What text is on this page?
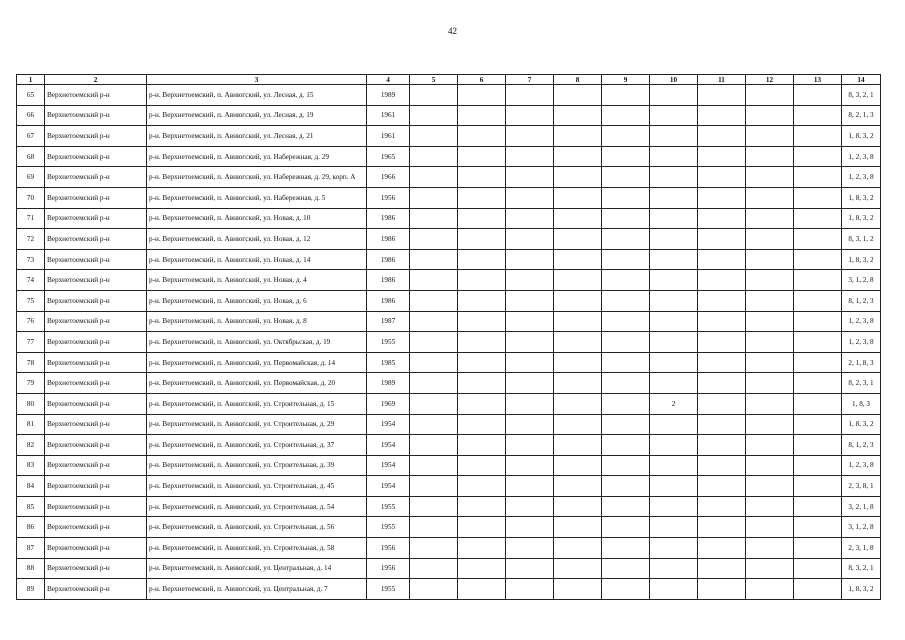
42
1	2	3	4	5	6	7	8	9	10	11	12	13	14
65	Верхнетоемский р-н	р-н. Верхнетоемский, п. Авнюгский, ул. Лесная, д. 15	1989										8, 3, 2, 1
66	Верхнетоемский р-н	р-н. Верхнетоемский, п. Авнюгский, ул. Лесная, д. 19	1961										8, 2, 1, 3
67	Верхнетоемский р-н	р-н. Верхнетоемский, п. Авнюгский, ул. Лесная, д. 21	1961										1, 8, 3, 2
68	Верхнетоемский р-н	р-н. Верхнетоемский, п. Авнюгский, ул. Набережная, д. 29	1965										1, 2, 3, 8
69	Верхнетоемский р-н	р-н. Верхнетоемский, п. Авнюгский, ул. Набережная, д. 29, корп. А	1966										1, 2, 3, 8
70	Верхнетоемский р-н	р-н. Верхнетоемский, п. Авнюгский, ул. Набережная, д. 5	1956										1, 8, 3, 2
71	Верхнетоемский р-н	р-н. Верхнетоемский, п. Авнюгский, ул. Новая, д. 10	1986										1, 8, 3, 2
72	Верхнетоемский р-н	р-н. Верхнетоемский, п. Авнюгский, ул. Новая, д. 12	1986										8, 3, 1, 2
73	Верхнетоемский р-н	р-н. Верхнетоемский, п. Авнюгский, ул. Новая, д. 14	1986										1, 8, 3, 2
74	Верхнетоемский р-н	р-н. Верхнетоемский, п. Авнюгский, ул. Новая, д. 4	1986										3, 1, 2, 8
75	Верхнетоемский р-н	р-н. Верхнетоемский, п. Авнюгский, ул. Новая, д. 6	1986										8, 1, 2, 3
76	Верхнетоемский р-н	р-н. Верхнетоемский, п. Авнюгский, ул. Новая, д. 8	1987										1, 2, 3, 8
77	Верхнетоемский р-н	р-н. Верхнетоемский, п. Авнюгский, ул. Октябрьская, д. 19	1955										1, 2, 3, 8
78	Верхнетоемский р-н	р-н. Верхнетоемский, п. Авнюгский, ул. Первомайская, д. 14	1985										2, 1, 8, 3
79	Верхнетоемский р-н	р-н. Верхнетоемский, п. Авнюгский, ул. Первомайская, д. 20	1989										8, 2, 3, 1
80	Верхнетоемский р-н	р-н. Верхнетоемский, п. Авнюгский, ул. Строительная, д. 15	1969						2				1, 8, 3
81	Верхнетоемский р-н	р-н. Верхнетоемский, п. Авнюгский, ул. Строительная, д. 29	1954										1, 8, 3, 2
82	Верхнетоемский р-н	р-н. Верхнетоемский, п. Авнюгский, ул. Строительная, д. 37	1954										8, 1, 2, 3
83	Верхнетоемский р-н	р-н. Верхнетоемский, п. Авнюгский, ул. Строительная, д. 39	1954										1, 2, 3, 8
84	Верхнетоемский р-н	р-н. Верхнетоемский, п. Авнюгский, ул. Строительная, д. 45	1954										2, 3, 8, 1
85	Верхнетоемский р-н	р-н. Верхнетоемский, п. Авнюгский, ул. Строительная, д. 54	1955										3, 2, 1, 8
86	Верхнетоемский р-н	р-н. Верхнетоемский, п. Авнюгский, ул. Строительная, д. 56	1955										3, 1, 2, 8
87	Верхнетоемский р-н	р-н. Верхнетоемский, п. Авнюгский, ул. Строительная, д. 58	1956										2, 3, 1, 8
88	Верхнетоемский р-н	р-н. Верхнетоемский, п. Авнюгский, ул. Центральная, д. 14	1956										8, 3, 2, 1
89	Верхнетоемский р-н	р-н. Верхнетоемский, п. Авнюгский, ул. Центральная, д. 7	1955										1, 8, 3, 2
